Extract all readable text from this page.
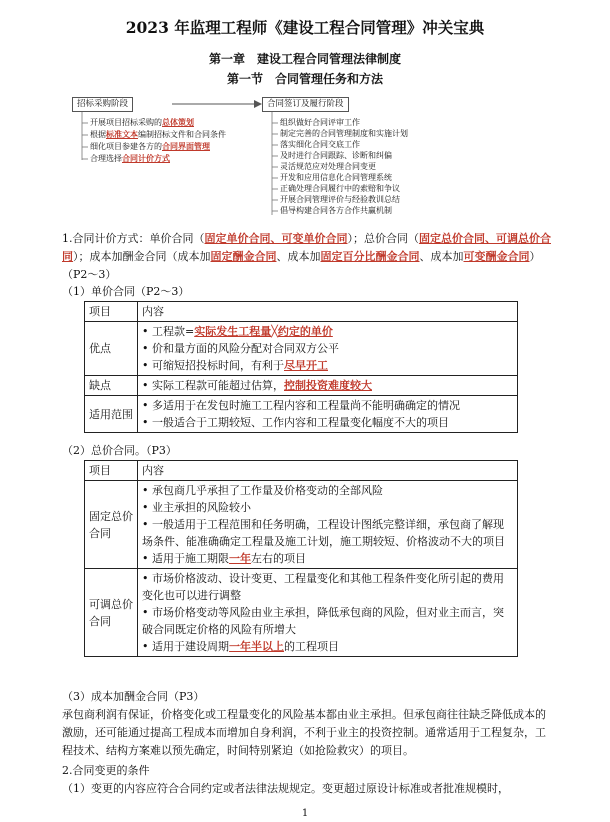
2023 年监理工程师《建设工程合同管理》冲关宝典
第一章　建设工程合同管理法律制度
第一节　合同管理任务和方法
招标采购阶段	合同签订及履行阶段
开展项目招标采购的总体策划
根据标准文本编制招标文件和合同条件
细化项目参建各方的合同界面管理
合理选择合同计价方式
组织做好合同评审工作
制定完善的合同管理制度和实施计划
落实细化合同交底工作
及时进行合同跟踪、诊断和纠偏
灵活规范应对处理合同变更
开发和应用信息化合同管理系统
正确处理合同履行中的索赔和争议
开展合同管理评价与经验教训总结
倡导构建合同各方合作共赢机制
1.合同计价方式：单价合同（固定单价合同、可变单价合同）；总价合同（固定总价合同、可调总价合同）；成本加酬金合同（成本加固定酬金合同、成本加固定百分比酬金合同、成本加可变酬金合同）（P2～3）
（1）单价合同（P2～3）
项目	内容
优点	• 工程款=实际发生工程量╳约定的单价
• 价和量方面的风险分配对合同双方公平
• 可缩短招投标时间，有利于尽早开工

缺点	• 实际工程款可能超过估算，控制投资难度较大
适用范围	• 多适用于在发包时施工工程内容和工程量尚不能明确确定的情况
• 一般适合于工期较短、工作内容和工程量变化幅度不大的项目
（2）总价合同。（P3）
项目	内容
固定总价合同	• 承包商几乎承担了工作量及价格变动的全部风险
• 业主承担的风险较小
• 一般适用于工程范围和任务明确，工程设计图纸完整详细，承包商了解现场条件、能准确确定工程量及施工计划，施工期较短、价格波动不大的项目
• 适用于施工期限一年左右的项目

可调总价合同	• 市场价格波动、设计变更、工程量变化和其他工程条件变化所引起的费用变化也可以进行调整
• 市场价格变动等风险由业主承担，降低承包商的风险，但对业主而言，突破合同既定价格的风险有所增大
• 适用于建设周期一年半以上的工程项目
（3）成本加酬金合同（P3）
承包商利润有保证，价格变化或工程量变化的风险基本都由业主承担。但承包商往往缺乏降低成本的激励，还可能通过提高工程成本而增加自身利润，不利于业主的投资控制。通常适用于工程复杂，工程技术、结构方案难以预先确定，时间特别紧迫（如抢险救灾）的项目。
2.合同变更的条件
（1）变更的内容应符合合同约定或者法律法规规定。变更超过原设计标准或者批准规模时，
1
